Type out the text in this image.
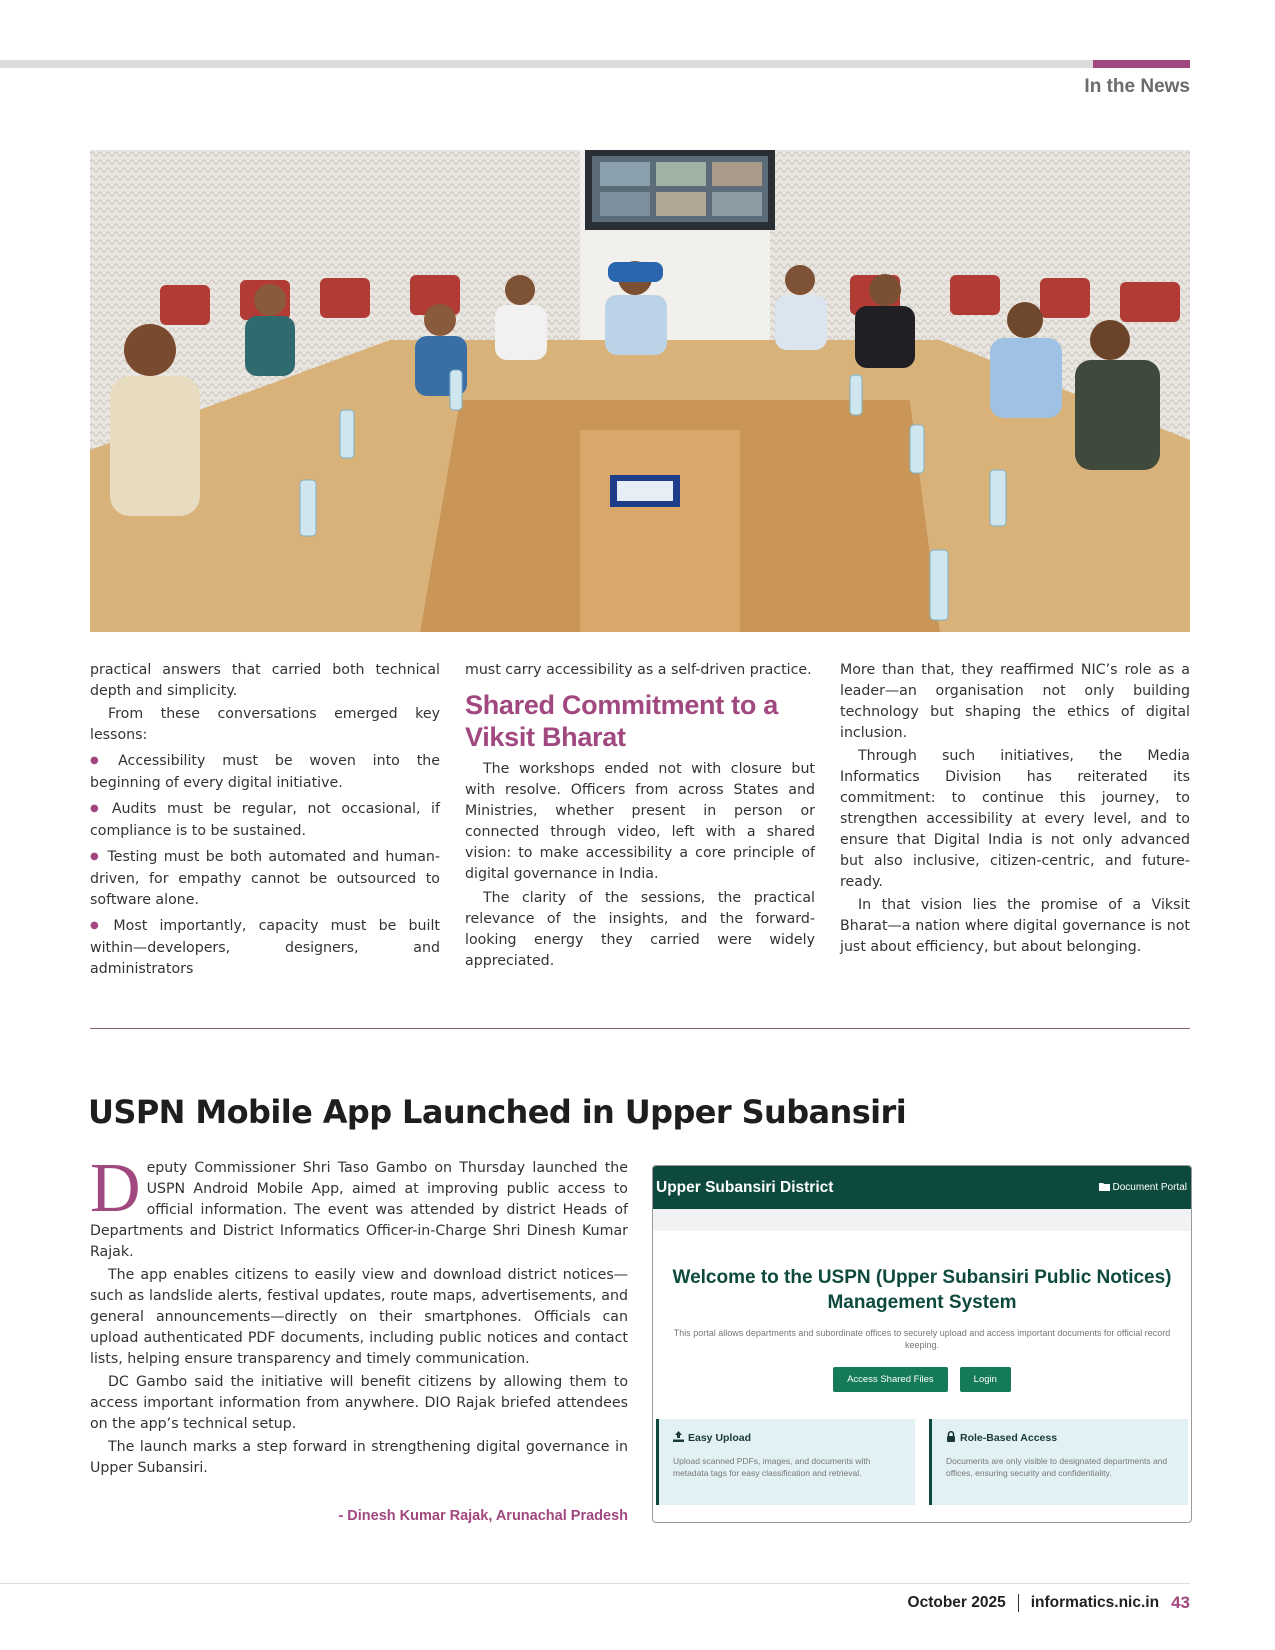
In the News

practical answers that carried both technical depth and simplicity.

From these conversations emerged key lessons:

● Accessibility must be woven into the beginning of every digital initiative.

● Audits must be regular, not occasional, if compliance is to be sustained.

● Testing must be both automated and human-driven, for empathy cannot be outsourced to software alone.

● Most importantly, capacity must be built within—developers, designers, and administrators

must carry accessibility as a self-driven practice.

Shared Commitment to a Viksit Bharat

The workshops ended not with closure but with resolve. Officers from across States and Ministries, whether present in person or connected through video, left with a shared vision: to make accessibility a core principle of digital governance in India.

The clarity of the sessions, the practical relevance of the insights, and the forward-looking energy they carried were widely appreciated.

More than that, they reaffirmed NIC’s role as a leader—an organisation not only building technology but shaping the ethics of digital inclusion.

Through such initiatives, the Media Informatics Division has reiterated its commitment: to continue this journey, to strengthen accessibility at every level, and to ensure that Digital India is not only advanced but also inclusive, citizen-centric, and future-ready.

In that vision lies the promise of a Viksit Bharat—a nation where digital governance is not just about efficiency, but about belonging.

USPN Mobile App Launched in Upper Subansiri

Deputy Commissioner Shri Taso Gambo on Thursday launched the USPN Android Mobile App, aimed at improving public access to official information. The event was attended by district Heads of Departments and District Informatics Officer-in-Charge Shri Dinesh Kumar Rajak.

The app enables citizens to easily view and download district notices—such as landslide alerts, festival updates, route maps, advertisements, and general announcements—directly on their smartphones. Officials can upload authenticated PDF documents, including public notices and contact lists, helping ensure transparency and timely communication.

DC Gambo said the initiative will benefit citizens by allowing them to access important information from anywhere. DIO Rajak briefed attendees on the app’s technical setup.

The launch marks a step forward in strengthening digital governance in Upper Subansiri.

- Dinesh Kumar Rajak, Arunachal Pradesh
Upper Subansiri District	Document Portal
Welcome to the USPN (Upper Subansiri Public Notices) Management System
This portal allows departments and subordinate offices to securely upload and access important documents for official record keeping.
Access Shared Files	Login
Easy Upload
Upload scanned PDFs, images, and documents with metadata tags for easy classification and retrieval.
Role-Based Access
Documents are only visible to designated departments and offices, ensuring security and confidentiality.
October 2025 informatics.nic.in 43
